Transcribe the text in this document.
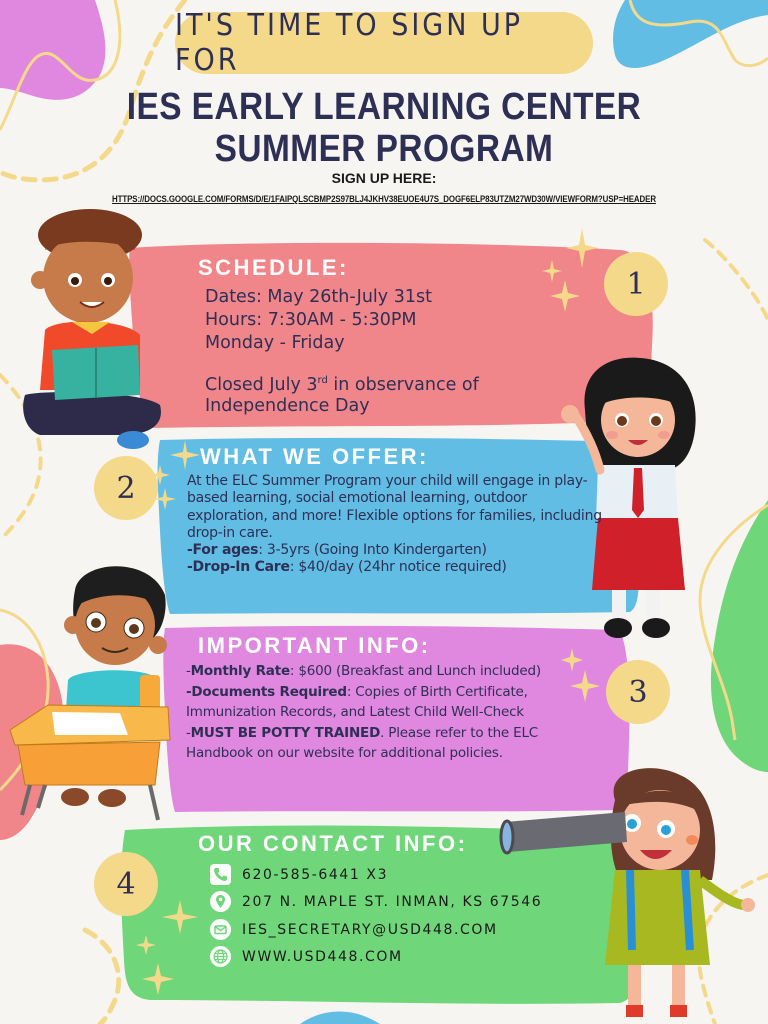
IT'S TIME TO SIGN UP FOR
IES EARLY LEARNING CENTER
SUMMER PROGRAM
SIGN UP HERE:
HTTPS://DOCS.GOOGLE.COM/FORMS/D/E/1FAIPQLSCBMP2S97BLJ4JKHV38EUOE4U7S_DOGF6ELP83UTZM27WD30W/VIEWFORM?USP=HEADER
1
SCHEDULE:
Dates: May 26th-July 31st
Hours: 7:30AM - 5:30PM
Monday - Friday
Closed July 3rd in observance of
Independence Day
2
WHAT WE OFFER:
At the ELC Summer Program your child will engage in play-based learning, social emotional learning, outdoor exploration, and more! Flexible options for families, including drop-in care.
-For ages: 3-5yrs (Going Into Kindergarten)
-Drop-In Care: $40/day (24hr notice required)
3
IMPORTANT INFO:
-Monthly Rate: $600 (Breakfast and Lunch included)
-Documents Required: Copies of Birth Certificate, Immunization Records, and Latest Child Well-Check
-MUST BE POTTY TRAINED. Please refer to the ELC Handbook on our website for additional policies.
4
OUR CONTACT INFO:
620-585-6441 X3
207 N. MAPLE ST. INMAN, KS 67546
IES_SECRETARY@USD448.COM
WWW.USD448.COM
